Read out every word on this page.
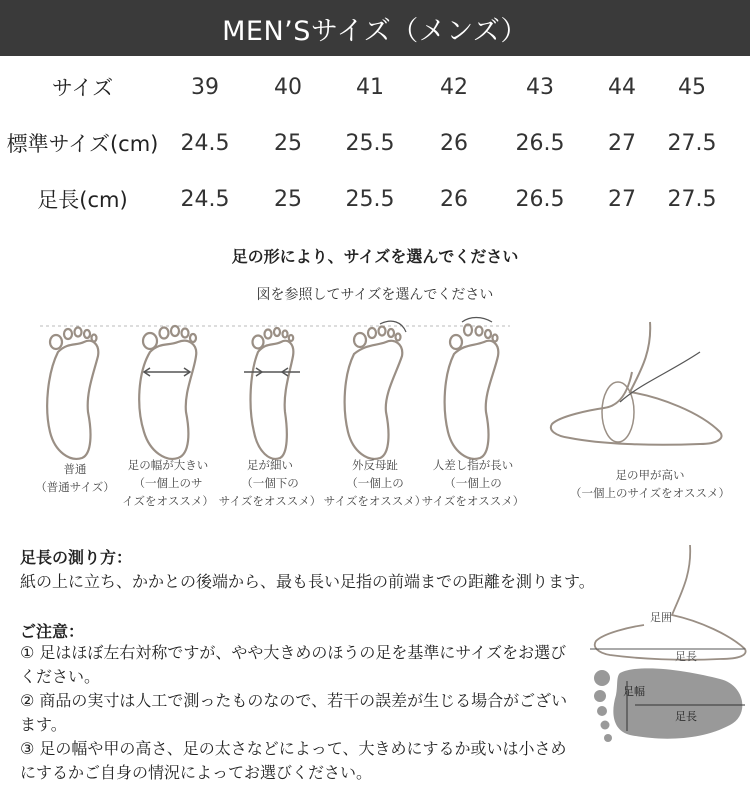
MEN’Sサイズ（メンズ）
サイズ	39	40	41	42	43	44	45
標準サイズ(cm)	24.5	25	25.5	26	26.5	27	27.5
足長(cm)	24.5	25	25.5	26	26.5	27	27.5
足の形により、サイズを選んでください
図を参照してサイズを選んでください
普通
（普通サイズ）
足の幅が大きい
（一個上のサ
イズをオススメ）
足が細い
（一個下の
サイズをオススメ）
外反母趾
（一個上の
サイズをオススメ）
人差し指が長い
（一個上の
サイズをオススメ）
足の甲が高い
（一個上のサイズをオススメ）
足長の測り方：
紙の上に立ち、かかとの後端から、最も長い足指の前端までの距離を測ります。
足囲
足長
足幅
足長
ご注意：
① 足はほぼ左右対称ですが、やや大きめのほうの足を基準にサイズをお選びください。
② 商品の実寸は人工で測ったものなので、若干の誤差が生じる場合がございます。
③ 足の幅や甲の高さ、足の太さなどによって、大きめにするか或いは小さめにするかご自身の情況によってお選びください。
